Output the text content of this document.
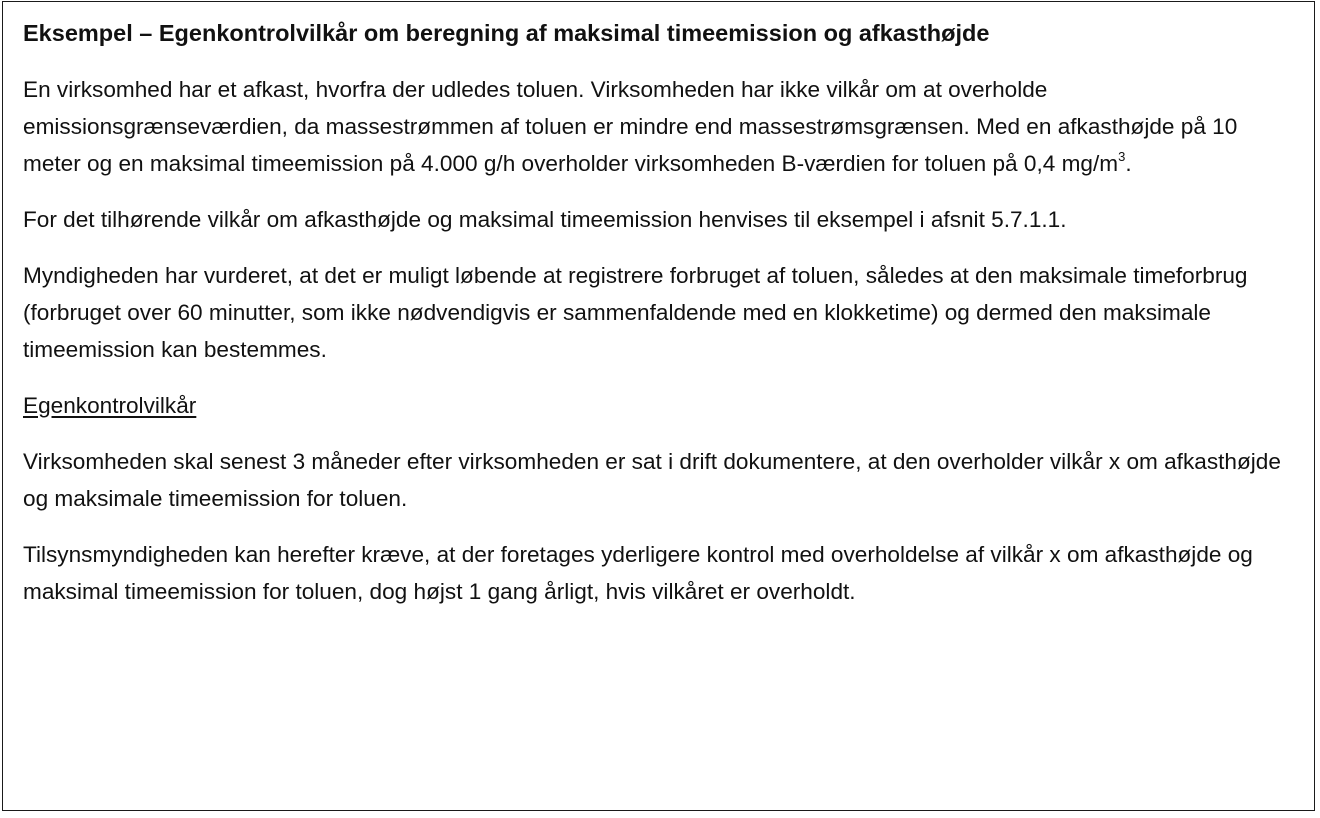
Eksempel – Egenkontrolvilkår om beregning af maksimal timeemission og afkasthøjde

En virksomhed har et afkast, hvorfra der udledes toluen. Virksomheden har ikke vilkår om at overholde emissionsgrænseværdien, da massestrømmen af toluen er mindre end massestrømsgrænsen. Med en afkasthøjde på 10 meter og en maksimal timeemission på 4.000 g/h overholder virksomheden B-værdien for toluen på 0,4 $mg/m^3$.

For det tilhørende vilkår om afkasthøjde og maksimal timeemission henvises til eksempel i afsnit 5.7.1.1.

Myndigheden har vurderet, at det er muligt løbende at registrere forbruget af toluen, således at den maksimale timeforbrug (forbruget over 60 minutter, som ikke nødvendigvis er sammenfaldende med en klokketime) og dermed den maksimale timeemission kan bestemmes.

Egenkontrolvilkår

Virksomheden skal senest 3 måneder efter virksomheden er sat i drift dokumentere, at den overholder vilkår x om afkasthøjde og maksimale timeemission for toluen.

Tilsynsmyndigheden kan herefter kræve, at der foretages yderligere kontrol med overholdelse af vilkår x om afkasthøjde og maksimal timeemission for toluen, dog højst 1 gang årligt, hvis vilkåret er overholdt.
